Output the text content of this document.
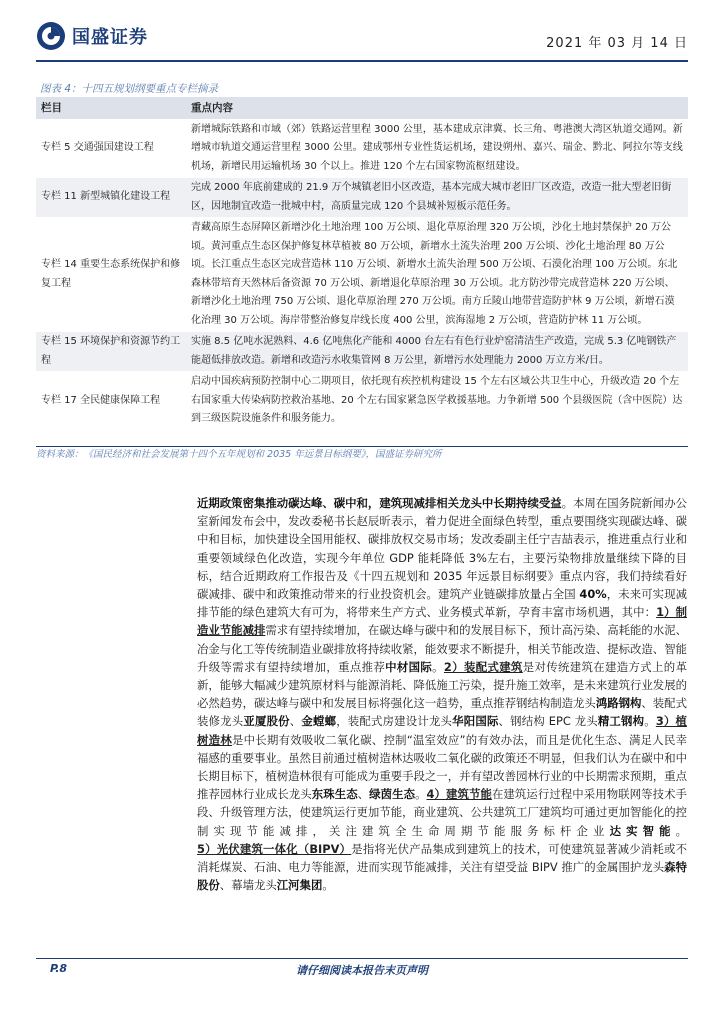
国盛证券	2021 年 03 月 14 日
图表 4：十四五规划纲要重点专栏摘录
栏目	重点内容
专栏 5 交通强国建设工程	新增城际铁路和市域（郊）铁路运营里程 3000 公里，基本建成京津冀、长三角、粤港澳大湾区轨道交通网。新增城市轨道交通运营里程 3000 公里。建成鄂州专业性货运机场，建设朔州、嘉兴、瑞金、黔北、阿拉尔等支线机场，新增民用运输机场 30 个以上。推进 120 个左右国家物流枢纽建设。
专栏 11 新型城镇化建设工程	完成 2000 年底前建成的 21.9 万个城镇老旧小区改造，基本完成大城市老旧厂区改造，改造一批大型老旧街区，因地制宜改造一批城中村，高质量完成 120 个县城补短板示范任务。
专栏 14 重要生态系统保护和修复工程	青藏高原生态屏障区新增沙化土地治理 100 万公顷、退化草原治理 320 万公顷，沙化土地封禁保护 20 万公顷。黄河重点生态区保护修复林草植被 80 万公顷，新增水土流失治理 200 万公顷、沙化土地治理 80 万公顷。长江重点生态区完成营造林 110 万公顷、新增水土流失治理 500 万公顷、石漠化治理 100 万公顷。东北森林带培育天然林后备资源 70 万公顷、新增退化草原治理 30 万公顷。北方防沙带完成营造林 220 万公顷、新增沙化土地治理 750 万公顷、退化草原治理 270 万公顷。南方丘陵山地带营造防护林 9 万公顷，新增石漠化治理 30 万公顷。海岸带整治修复岸线长度 400 公里，滨海湿地 2 万公顷，营造防护林 11 万公顷。
专栏 15 环境保护和资源节约工程	实施 8.5 亿吨水泥熟料、4.6 亿吨焦化产能和 4000 台左右有色行业炉窑清洁生产改造，完成 5.3 亿吨钢铁产能超低排放改造。新增和改造污水收集管网 8 万公里，新增污水处理能力 2000 万立方米/日。
专栏 17 全民健康保障工程	启动中国疾病预防控制中心二期项目，依托现有疾控机构建设 15 个左右区域公共卫生中心，升级改造 20 个左右国家重大传染病防控救治基地、20 个左右国家紧急医学救援基地。力争新增 500 个县级医院（含中医院）达到三级医院设施条件和服务能力。
资料来源：《国民经济和社会发展第十四个五年规划和 2035 年远景目标纲要》，国盛证券研究所
近期政策密集推动碳达峰、碳中和，建筑现减排相关龙头中长期持续受益。本周在国务院新闻办公室新闻发布会中，发改委秘书长赵辰昕表示，着力促进全面绿色转型，重点要围绕实现碳达峰、碳中和目标，加快建设全国用能权、碳排放权交易市场；发改委副主任宁吉喆表示，推进重点行业和重要领域绿色化改造，实现今年单位 GDP 能耗降低 3%左右，主要污染物排放量继续下降的目标，结合近期政府工作报告及《十四五规划和 2035 年远景目标纲要》重点内容，我们持续看好碳减排、碳中和政策推动带来的行业投资机会。建筑产业链碳排放量占全国 40%，未来可实现减排节能的绿色建筑大有可为，将带来生产方式、业务模式革新，孕育丰富市场机遇，其中：1）制造业节能减排需求有望持续增加，在碳达峰与碳中和的发展目标下，预计高污染、高耗能的水泥、冶金与化工等传统制造业碳排放将持续收紧，能效要求不断提升，相关节能改造、提标改造、智能升级等需求有望持续增加，重点推荐中材国际。2）装配式建筑是对传统建筑在建造方式上的革新，能够大幅减少建筑原材料与能源消耗、降低施工污染，提升施工效率，是未来建筑行业发展的必然趋势，碳达峰与碳中和发展目标将强化这一趋势，重点推荐钢结构制造龙头鸿路钢构、装配式装修龙头亚厦股份、金螳螂，装配式房建设计龙头华阳国际、钢结构 EPC 龙头精工钢构。3）植树造林是中长期有效吸收二氧化碳、控制“温室效应”的有效办法，而且是优化生态、满足人民幸福感的重要事业。虽然目前通过植树造林达吸收二氧化碳的政策还不明显，但我们认为在碳中和中长期目标下，植树造林很有可能成为重要手段之一，并有望改善园林行业的中长期需求预期，重点推荐园林行业成长龙头东珠生态、绿茵生态。4）建筑节能在建筑运行过程中采用物联网等技术手段、升级管理方法，使建筑运行更加节能，商业建筑、公共建筑工厂建筑均可通过更加智能化的控制实现节能减排，关注建筑全生命周期节能服务标杆企业达实智能。5）光伏建筑一体化（BIPV）是指将光伏产品集成到建筑上的技术，可使建筑显著减少消耗或不消耗煤炭、石油、电力等能源，进而实现节能减排，关注有望受益 BIPV 推广的金属围护龙头森特股份、幕墙龙头江河集团。
请仔细阅读本报告末页声明
P.8
